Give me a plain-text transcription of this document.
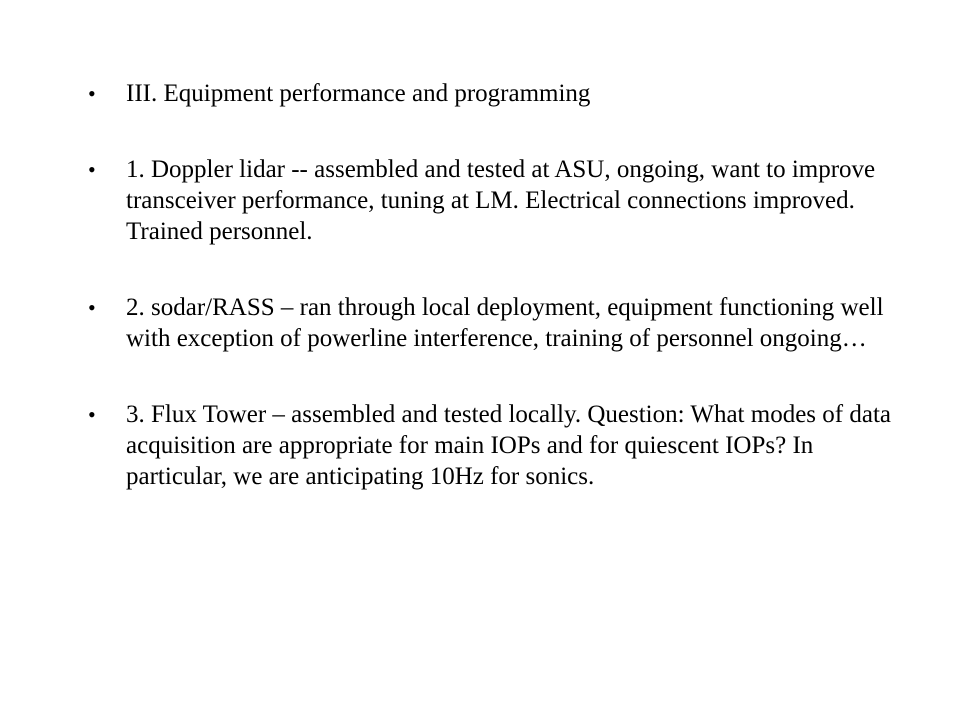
• III. Equipment performance and programming
• 1. Doppler lidar -- assembled and tested at ASU, ongoing, want to improve transceiver performance, tuning at LM. Electrical connections improved. Trained personnel.
• 2. sodar/RASS – ran through local deployment, equipment functioning well with exception of powerline interference, training of personnel ongoing…
• 3. Flux Tower – assembled and tested locally. Question: What modes of data acquisition are appropriate for main IOPs and for quiescent IOPs? In particular, we are anticipating 10Hz for sonics.
